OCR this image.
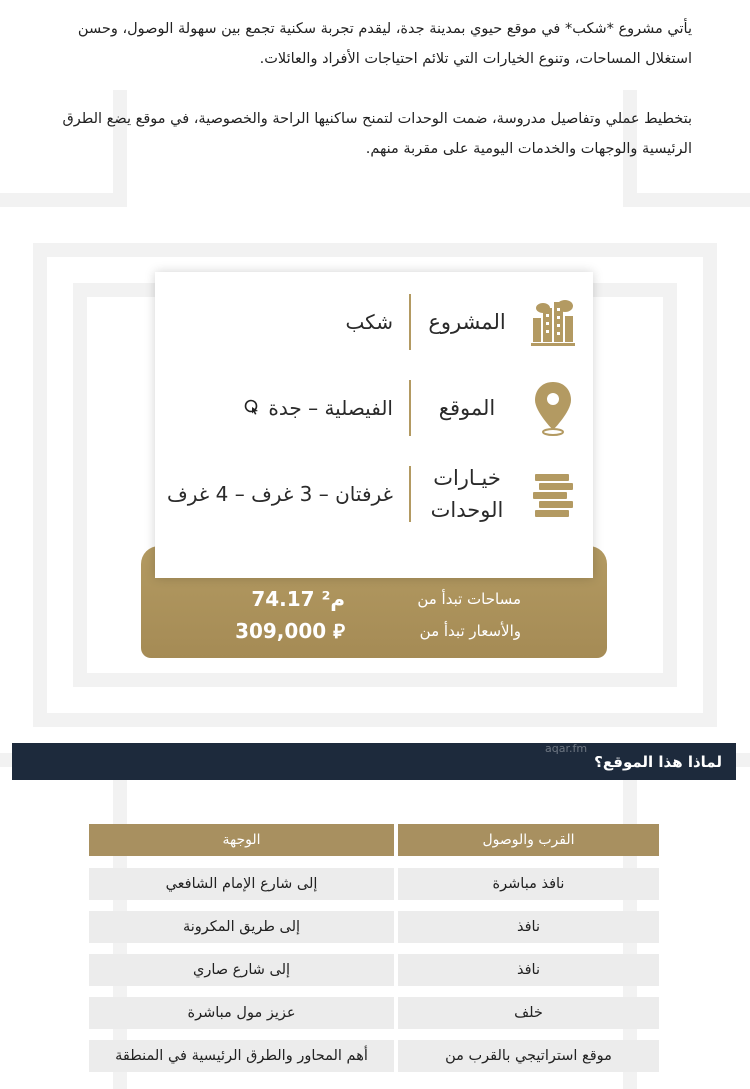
يأتي مشروع *شكب* في موقع حيوي بمدينة جدة، ليقدم تجربة سكنية تجمع بين سهولة الوصول، وحسن استغلال المساحات، وتنوع الخيارات التي تلائم احتياجات الأفراد والعائلات.

بتخطيط عملي وتفاصيل مدروسة، ضمت الوحدات لتمنح ساكنيها الراحة والخصوصية، في موقع يضع الطرق الرئيسية والوجهات والخدمات اليومية على مقربة منهم.

المشروع
شكب
الموقع
الفيصلية – جدة
خيـارات
الوحدات
غرفتان – 3 غرف – 4 غرف
مساحات تبدأ من
74.17 م²
والأسعار تبدأ من
309,000 ⃁
لماذا هذا الموقع؟
aqar.fm
القرب والوصول
الوجهة
نافذ مباشرة
إلى شارع الإمام الشافعي
نافذ
إلى طريق المكرونة
نافذ
إلى شارع صاري
خلف
عزيز مول مباشرة
موقع استراتيجي بالقرب من
أهم المحاور والطرق الرئيسية في المنطقة
